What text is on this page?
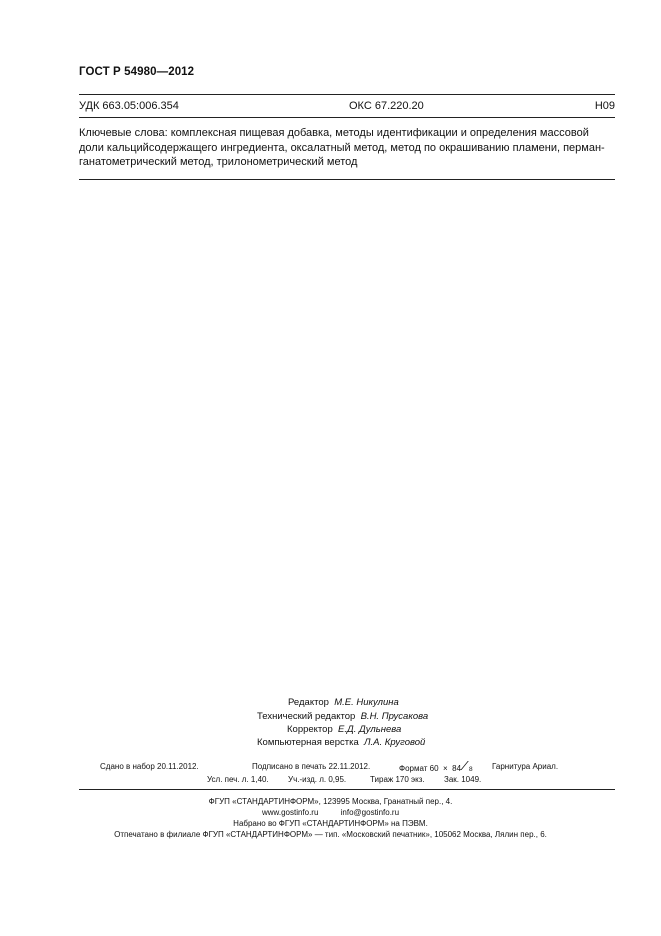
ГОСТ Р 54980—2012
УДК 663.05:006.354	ОКС 67.220.20	Н09
Ключевые слова: комплексная пищевая добавка, методы идентификации и определения массовой
доли кальцийсодержащего ингредиента, оксалатный метод, метод по окрашиванию пламени, перман-
ганатометрический метод, трилонометрический метод
Редактор М.Е. Никулина
Технический редактор В.Н. Прусакова
Корректор Е.Д. Дульнева
Компьютерная верстка Л.А. Круговой
Сдано в набор 20.11.2012.	Подписано в печать 22.11.2012.	Формат 60 × 84 ⁄ 8 Гарнитура Ариал.
Усл. печ. л. 1,40. Уч.-изд. л. 0,95.	Тираж 170 экз. Зак. 1049.
ФГУП «СТАНДАРТИНФОРМ», 123995 Москва, Гранатный пер., 4.
www.gostinfo.ru	info@gostinfo.ru
Набрано во ФГУП «СТАНДАРТИНФОРМ» на ПЭВМ.
Отпечатано в филиале ФГУП «СТАНДАРТИНФОРМ» — тип. «Московский печатник», 105062 Москва, Лялин пер., 6.
